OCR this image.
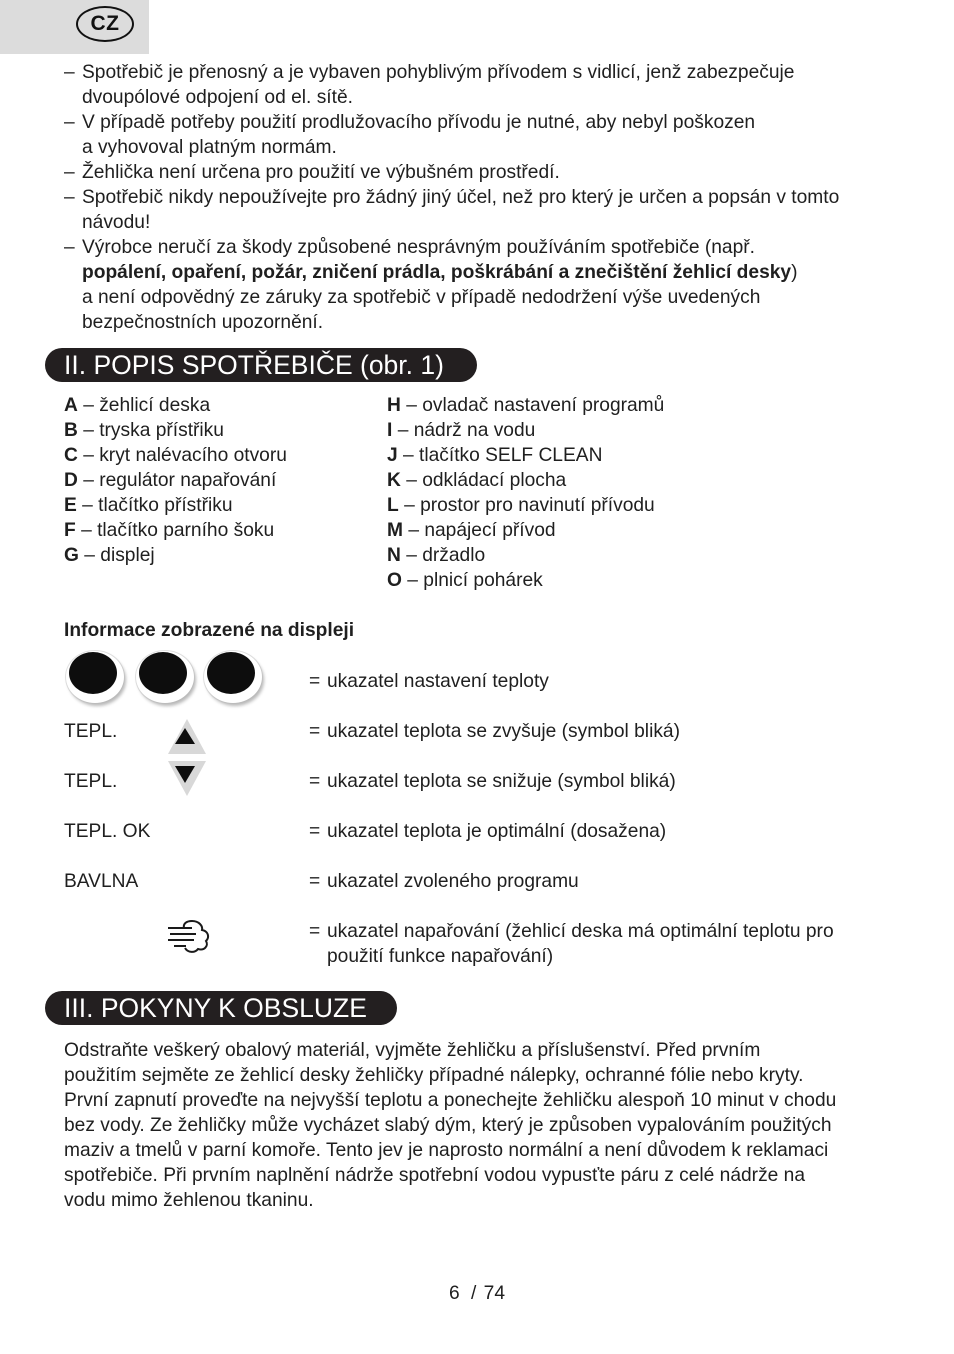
CZ
– Spotřebič je přenosný a je vybaven pohyblivým přívodem s vidlicí, jenž zabezpečuje
dvoupólové odpojení od el. sítě.
– V případě potřeby použití prodlužovacího přívodu je nutné, aby nebyl poškozen
a vyhovoval platným normám.
– Žehlička není určena pro použití ve výbušném prostředí.
– Spotřebič nikdy nepoužívejte pro žádný jiný účel, než pro který je určen a popsán v tomto
návodu!
– Výrobce neručí za škody způsobené nesprávným používáním spotřebiče (např.
popálení, opaření, požár, zničení prádla, poškrábání a znečištění žehlicí desky)
a není odpovědný ze záruky za spotřebič v případě nedodržení výše uvedených
bezpečnostních upozornění.
II. POPIS SPOTŘEBIČE (obr. 1)
A – žehlicí deska
B – tryska přístřiku
C – kryt nalévacího otvoru
D – regulátor napařování
E – tlačítko přístřiku
F – tlačítko parního šoku
G – displej
H – ovladač nastavení programů
I – nádrž na vodu
J – tlačítko SELF CLEAN
K – odkládací plocha
L – prostor pro navinutí přívodu
M – napájecí přívod
N – držadlo
O – plnicí pohárek
Informace zobrazené na displeji
= ukazatel nastavení teploty
TEPL.	= ukazatel teplota se zvyšuje (symbol bliká)
TEPL.	= ukazatel teplota se snižuje (symbol bliká)
TEPL. OK	= ukazatel teplota je optimální (dosažena)
BAVLNA	= ukazatel zvoleného programu
= ukazatel napařování (žehlicí deska má optimální teplotu pro
použití funkce napařování)
III. POKYNY K OBSLUZE
Odstraňte veškerý obalový materiál, vyjměte žehličku a příslušenství. Před prvním
použitím sejměte ze žehlicí desky žehličky případné nálepky, ochranné fólie nebo kryty.
První zapnutí proveďte na nejvyšší teplotu a ponechejte žehličku alespoň 10 minut v chodu
bez vody. Ze žehličky může vycházet slabý dým, který je způsoben vypalováním použitých
maziv a tmelů v parní komoře. Tento jev je naprosto normální a není důvodem k reklamaci
spotřebiče. Při prvním naplnění nádrže spotřební vodou vypusťte páru z celé nádrže na
vodu mimo žehlenou tkaninu.
6 / 74
